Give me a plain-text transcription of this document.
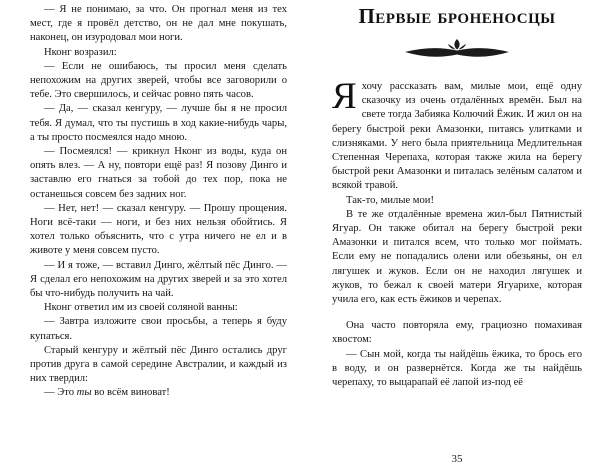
— Я не понимаю, за что. Он прогнал меня из тех мест, где я провёл детство, он не дал мне покушать, наконец, он изуродовал мои ноги.

Нконг возразил:

— Если не ошибаюсь, ты просил меня сделать непохожим на других зверей, чтобы все заговорили о тебе. Это свершилось, и сейчас ровно пять часов.

— Да, — сказал кенгуру, — лучше бы я не просил тебя. Я думал, что ты пустишь в ход какие-нибудь чары, а ты просто посмеялся надо мною.

— Посмеялся! — крикнул Нконг из воды, куда он опять влез. — А ну, повтори ещё раз! Я позову Динго и заставлю его гнаться за тобой до тех пор, пока не останешься совсем без задних ног.

— Нет, нет! — сказал кенгуру. — Прошу прощения. Ноги всё-таки — ноги, и без них нельзя обойтись. Я хотел только объяснить, что с утра ничего не ел и в животе у меня совсем пусто.

— И я тоже, — вставил Динго, жёлтый пёс Динго. — Я сделал его непохожим на других зверей и за это хотел бы что-нибудь получить на чай.

Нконг ответил им из своей соляной ванны:

— Завтра изложите свои просьбы, а теперь я буду купаться.

Старый кенгуру и жёлтый пёс Динго остались друг против друга в самой середине Австралии, и каждый из них твердил:

— Это ты во всём виноват!

Первые броненосцы

Яхочу рассказать вам, милые мои, ещё одну сказочку из очень отдалённых времён. Был на свете тогда Забияка Колючий Ёжик. И жил он на берегу быстрой реки Амазонки, питаясь улитками и слизняками. У него была приятельница Медлительная Степенная Черепаха, которая также жила на берегу быстрой реки Амазонки и питалась зелёным салатом и всякой травой.

Так-то, милые мои!

В те же отдалённые времена жил-был Пятнистый Ягуар. Он также обитал на берегу быстрой реки Амазонки и питался всем, что только мог поймать. Если ему не попадались олени или обезьяны, он ел лягушек и жуков. Если он не находил лягушек и жуков, то бежал к своей матери Ягуарихе, которая учила его, как есть ёжиков и черепах.

Она часто повторяла ему, грациозно помахивая хвостом:

— Сын мой, когда ты найдёшь ёжика, то брось его в воду, и он развернётся. Когда же ты найдёшь черепаху, то выцарапай её лапой из-под её

35
